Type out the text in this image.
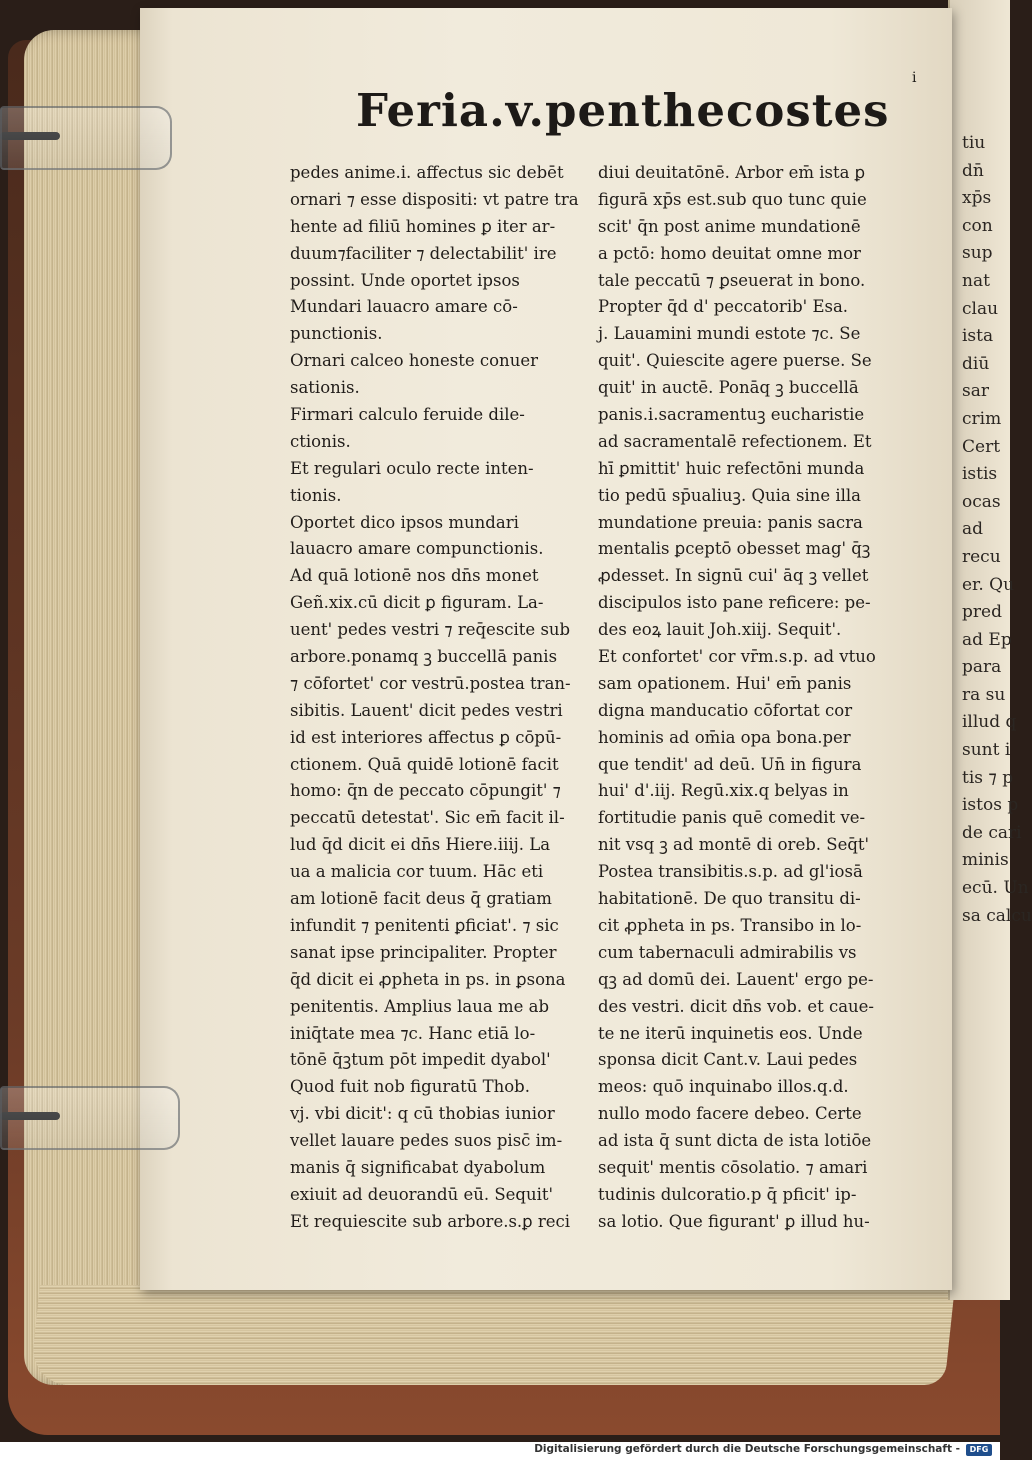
tiu
dn̄
xp̄s
con
sup
nat
clau
ista
diū
sar
crim
Cert
istis
ocas
ad
recu
er. Qu
pred
ad Ep
para
ra su
illud q
sunt i
tis ⁊ p
istos p
de cari
minis
ecū. Un
sa calcu
i
Feria.v.penthecostes
pedes anime.i. affectus sic debēt
ornari ⁊ esse dispositi: vt patre tra
hente ad filiū homines ꝑ iter ar-
duum⁊faciliter ⁊ delectabilit' ire
possint. Unde oportet ipsos
Mundari lauacro amare cō-
punctionis.
Ornari calceo honeste conuer
sationis.
Firmari calculo feruide dile-
ctionis.
Et regulari oculo recte inten-
tionis.
Oportet dico ipsos mundari
lauacro amare compunctionis.
Ad quā lotionē nos dn̄s monet
Geñ.xix.cū dicit ꝑ figuram. La-
uent' pedes vestri ⁊ req̄escite sub
arbore.ponamq ꝫ buccellā panis
⁊ cōfortet' cor vestrū.postea tran-
sibitis. Lauent' dicit pedes vestri
id est interiores affectus ꝑ cōpū-
ctionem. Quā quidē lotionē facit
homo: q̄n de peccato cōpungit' ⁊
peccatū detestat'. Sic em̄ facit il-
lud q̄d dicit ei dn̄s Hiere.iiij. La
ua a malicia cor tuum. Hāc eti
am lotionē facit deus q̄ gratiam
infundit ⁊ penitenti ꝑficiat'. ⁊ sic
sanat ipse principaliter. Propter
q̄d dicit ei ꝓpheta in ps. in ꝑsona
penitentis. Amplius laua me ab
iniq̄tate mea ⁊c. Hanc etiā lo-
tōnē q̄ꝫtum pōt impedit dyabol'
Quod fuit nob figuratū Thob.
vj. vbi dicit': q cū thobias iunior
vellet lauare pedes suos pisc̄ im-
manis q̄ significabat dyabolum
exiuit ad deuorandū eū. Sequit'
Et requiescite sub arbore.s.ꝑ reci
diui deuitatōnē. Arbor em̄ ista ꝑ
figurā xp̄s est.sub quo tunc quie
scit' q̄n post anime mundationē
a pctō: homo deuitat omne mor
tale peccatū ⁊ ꝑseuerat in bono.
Propter q̄d d' peccatorib' Esa.
j. Lauamini mundi estote ⁊c. Se
quit'. Quiescite agere puerse. Se
quit' in auctē. Ponāq ꝫ buccellā
panis.i.sacramentuꝫ eucharistie
ad sacramentalē refectionem. Et
hī ꝑmittit' huic refectōni munda
tio pedū sp̄ualiuꝫ. Quia sine illa
mundatione preuia: panis sacra
mentalis ꝑceptō obesset mag' q̄ꝫ
ꝓdesset. In signū cui' āq ꝫ vellet
discipulos isto pane reficere: pe-
des eoꝝ lauit Joh.xiij. Sequit'.
Et confortet' cor vr̄m.s.p. ad vtuo
sam opationem. Hui' em̄ panis
digna manducatio cōfortat cor
hominis ad om̄ia opa bona.per
que tendit' ad deū. Un̄ in figura
hui' d'.iij. Regū.xix.q belyas in
fortitudie panis quē comedit ve-
nit vsq ꝫ ad montē di oreb. Seq̄t'
Postea transibitis.s.p. ad gl'iosā
habitationē. De quo transitu di-
cit ꝓpheta in ps. Transibo in lo-
cum tabernaculi admirabilis vs
qꝫ ad domū dei. Lauent' ergo pe-
des vestri. dicit dn̄s vob. et caue-
te ne iterū inquinetis eos. Unde
sponsa dicit Cant.v. Laui pedes
meos: quō inquinabo illos.q.d.
nullo modo facere debeo. Certe
ad ista q̄ sunt dicta de ista lotiōe
sequit' mentis cōsolatio. ⁊ amari
tudinis dulcoratio.p q̄ pficit' ip-
sa lotio. Que figurant' ꝑ illud hu-
Digitalisierung gefördert durch die Deutsche Forschungsgemeinschaft -	DFG
